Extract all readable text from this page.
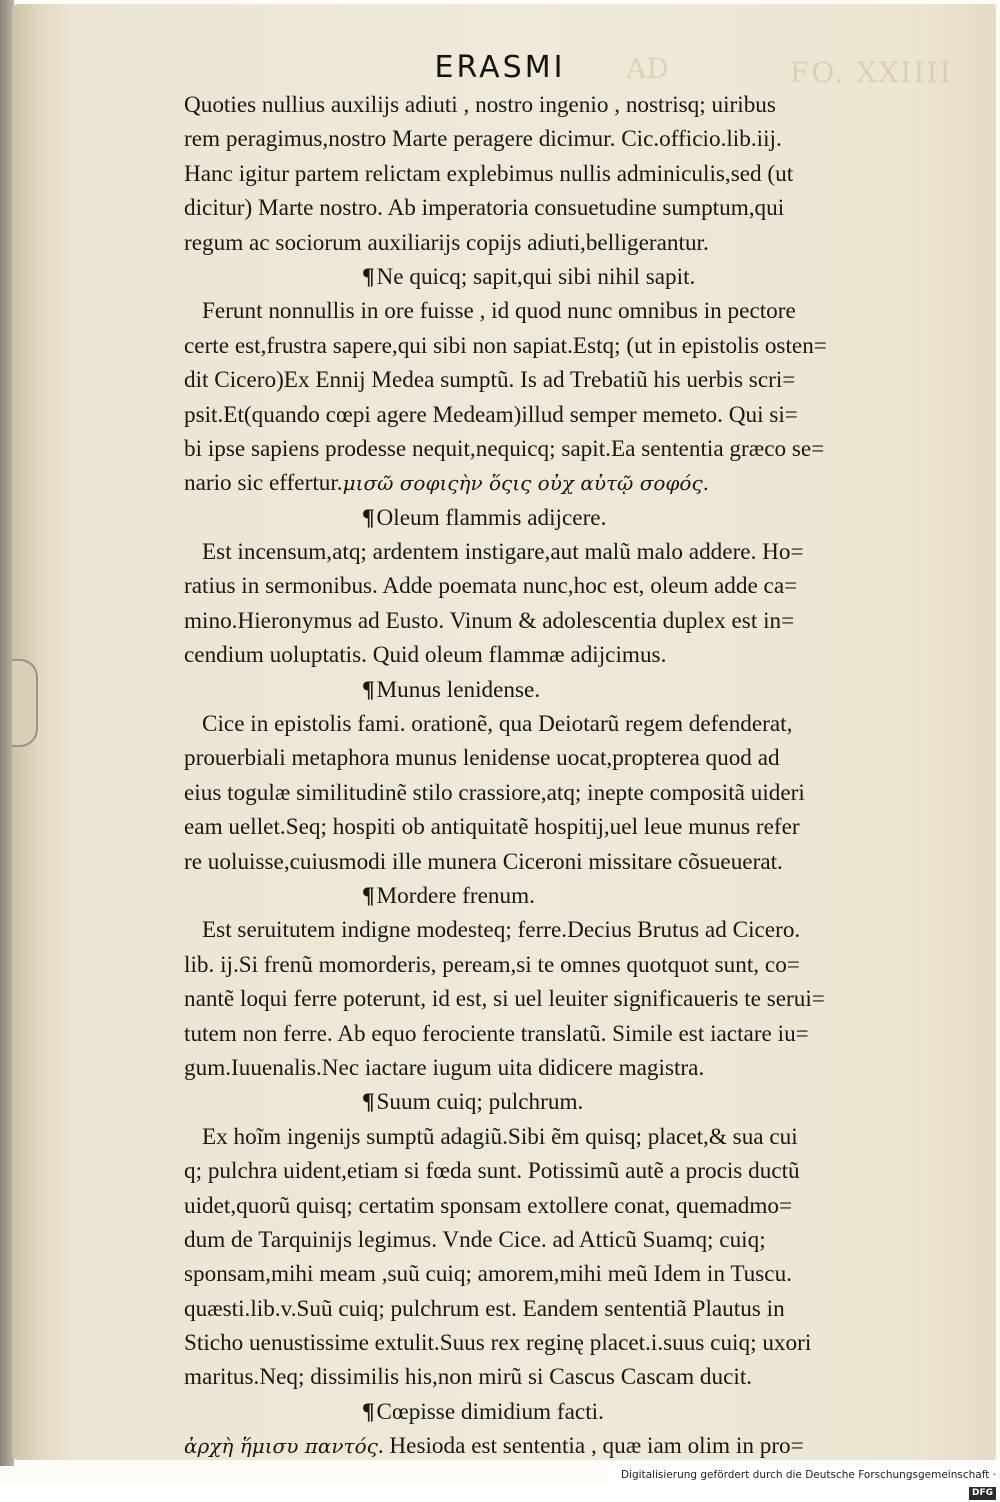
AD	FO. XXIIII
ERASMI
Quoties nullius auxilijs adiuti , nostro ingenio , nostrisq; uiribus
rem peragimus,nostro Marte peragere dicimur. Cic.officio.lib.iij.
Hanc igitur partem relictam explebimus nullis adminiculis,sed (ut
dicitur) Marte nostro. Ab imperatoria consuetudine sumptum,qui
regum ac sociorum auxiliarijs copijs adiuti,belligerantur.
¶Ne quicq; sapit,qui sibi nihil sapit.
Ferunt nonnullis in ore fuisse , id quod nunc omnibus in pectore
certe est,frustra sapere,qui sibi non sapiat.Estq; (ut in epistolis osten=
dit Cicero)Ex Ennij Medea sumptũ. Is ad Trebatiũ his uerbis scri=
psit.Et(quando cœpi agere Medeam)illud semper memeto. Qui si=
bi ipse sapiens prodesse nequit,nequicq; sapit.Ea sententia græco se=
nario sic effertur.μισῶ σοφιςὴν ὅςις οὐχ αὐτῷ σοφός.
¶Oleum flammis adijcere.
Est incensum,atq; ardentem instigare,aut malũ malo addere. Ho=
ratius in sermonibus. Adde poemata nunc,hoc est, oleum adde ca=
mino.Hieronymus ad Eusto. Vinum & adolescentia duplex est in=
cendium uoluptatis. Quid oleum flammæ adijcimus.
¶Munus lenidense.
Cice in epistolis fami. orationẽ, qua Deiotarũ regem defenderat,
prouerbiali metaphora munus lenidense uocat,propterea quod ad
eius togulæ similitudinẽ stilo crassiore,atq; inepte compositã uideri
eam uellet.Seq; hospiti ob antiquitatẽ hospitij,uel leue munus refer
re uoluisse,cuiusmodi ille munera Ciceroni missitare cõsueuerat.
¶Mordere frenum.
Est seruitutem indigne modesteq; ferre.Decius Brutus ad Cicero.
lib. ij.Si frenũ momorderis, peream,si te omnes quotquot sunt, co=
nantẽ loqui ferre poterunt, id est, si uel leuiter significaueris te serui=
tutem non ferre. Ab equo ferociente translatũ. Simile est iactare iu=
gum.Iuuenalis.Nec iactare iugum uita didicere magistra.
¶Suum cuiq; pulchrum.
Ex hoĩm ingenijs sumptũ adagiũ.Sibi ẽm quisq; placet,& sua cui
q; pulchra uident,etiam si fœda sunt. Potissimũ autẽ a procis ductũ
uidet,quorũ quisq; certatim sponsam extollere conat, quemadmo=
dum de Tarquinijs legimus. Vnde Cice. ad Atticũ Suamq; cuiq;
sponsam,mihi meam ,suũ cuiq; amorem,mihi meũ Idem in Tuscu.
quæsti.lib.v.Suũ cuiq; pulchrum est. Eandem sententiã Plautus in
Sticho uenustissime extulit.Suus rex reginę placet.i.suus cuiq; uxori
maritus.Neq; dissimilis his,non mirũ si Cascus Cascam ducit.
¶Cœpisse dimidium facti.
ἀρχὴ ἥμισυ παντός. Hesioda est sententia , quæ iam olim in pro=
Digitalisierung gefördert durch die Deutsche Forschungsgemeinschaft ·DFG
